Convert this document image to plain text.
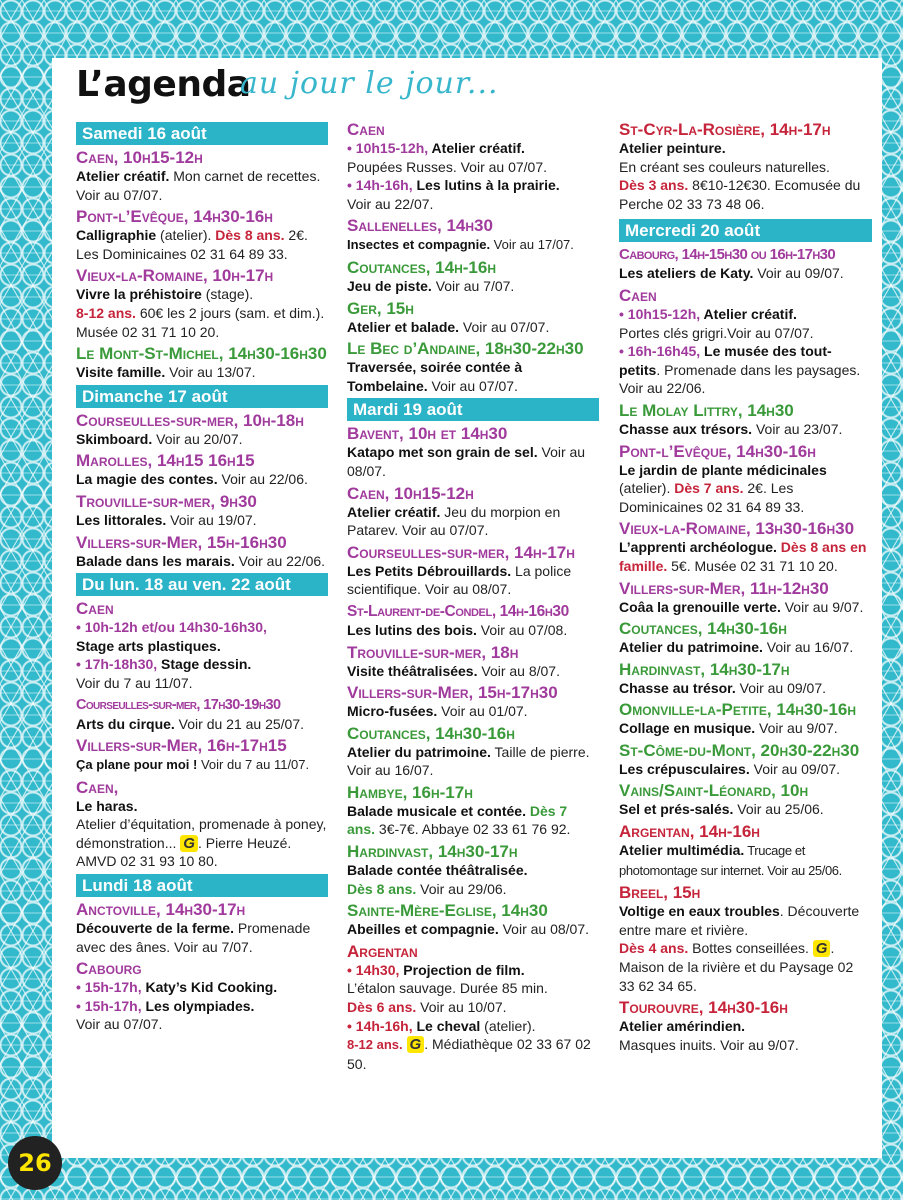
L’agenda
au jour le jour...
Samedi 16 août
Caen, 10h15-12h
Atelier créatif. Mon carnet de recettes. Voir au 07/07.
Pont-l’Evêque, 14h30-16h
Calligraphie (atelier). Dès 8 ans. 2€. Les Dominicaines 02 31 64 89 33.
Vieux-la-Romaine, 10h-17h
Vivre la préhistoire (stage).
8-12 ans. 60€ les 2 jours (sam. et dim.). Musée 02 31 71 10 20.
Le Mont-St-Michel, 14h30-16h30
Visite famille. Voir au 13/07.
Dimanche 17 août
Courseulles-sur-mer, 10h-18h
Skimboard. Voir au 20/07.
Marolles, 14h15 16h15
La magie des contes. Voir au 22/06.
Trouville-sur-mer, 9h30
Les littorales. Voir au 19/07.
Villers-sur-Mer, 15h-16h30
Balade dans les marais. Voir au 22/06.
Du lun. 18 au ven. 22 août
Caen
• 10h-12h et/ou 14h30-16h30,
Stage arts plastiques.
• 17h-18h30, Stage dessin.
Voir du 7 au 11/07.
Courseulles-sur-mer, 17h30-19h30
Arts du cirque. Voir du 21 au 25/07.
Villers-sur-Mer, 16h-17h15
Ça plane pour moi ! Voir du 7 au 11/07.
Caen,
Le haras.
Atelier d’équitation, promenade à poney, démonstration... G . Pierre Heuzé. AMVD 02 31 93 10 80.
Lundi 18 août
Anctoville, 14h30-17h
Découverte de la ferme. Promenade avec des ânes. Voir au 7/07.
Cabourg
• 15h-17h, Katy’s Kid Cooking.
• 15h-17h, Les olympiades.
Voir au 07/07.
Caen
• 10h15-12h, Atelier créatif.
Poupées Russes. Voir au 07/07.
• 14h-16h, Les lutins à la prairie.
Voir au 22/07.
Sallenelles, 14h30
Insectes et compagnie. Voir au 17/07.
Coutances, 14h-16h
Jeu de piste. Voir au 7/07.
Ger, 15h
Atelier et balade. Voir au 07/07.
Le Bec d’Andaine, 18h30-22h30
Traversée, soirée contée à Tombelaine. Voir au 07/07.
Mardi 19 août
Bavent, 10h et 14h30
Katapo met son grain de sel. Voir au 08/07.
Caen, 10h15-12h
Atelier créatif. Jeu du morpion en Patarev. Voir au 07/07.
Courseulles-sur-mer, 14h-17h
Les Petits Débrouillards. La police scientifique. Voir au 08/07.
St-Laurent-de-Condel, 14h-16h30
Les lutins des bois. Voir au 07/08.
Trouville-sur-mer, 18h
Visite théâtralisées. Voir au 8/07.
Villers-sur-Mer, 15h-17h30
Micro-fusées. Voir au 01/07.
Coutances, 14h30-16h
Atelier du patrimoine. Taille de pierre. Voir au 16/07.
Hambye, 16h-17h
Balade musicale et contée. Dès 7 ans. 3€-7€. Abbaye 02 33 61 76 92.
Hardinvast, 14h30-17h
Balade contée théâtralisée.
Dès 8 ans. Voir au 29/06.
Sainte-Mère-Eglise, 14h30
Abeilles et compagnie. Voir au 08/07.
Argentan
• 14h30, Projection de film.
L’étalon sauvage. Durée 85 min.
Dès 6 ans. Voir au 10/07.
• 14h-16h, Le cheval (atelier).
8-12 ans. G . Médiathèque 02 33 67 02 50.
St-Cyr-La-Rosière, 14h-17h
Atelier peinture.
En créant ses couleurs naturelles.
Dès 3 ans. 8€10-12€30. Ecomusée du Perche 02 33 73 48 06.
Mercredi 20 août
Cabourg, 14h-15h30 ou 16h-17h30
Les ateliers de Katy. Voir au 09/07.
Caen
• 10h15-12h, Atelier créatif.
Portes clés grigri.Voir au 07/07.
• 16h-16h45, Le musée des tout-petits. Promenade dans les paysages. Voir au 22/06.
Le Molay Littry, 14h30
Chasse aux trésors. Voir au 23/07.
Pont-l’Evêque, 14h30-16h
Le jardin de plante médicinales (atelier). Dès 7 ans. 2€. Les Dominicaines 02 31 64 89 33.
Vieux-la-Romaine, 13h30-16h30
L’apprenti archéologue. Dès 8 ans en famille. 5€. Musée 02 31 71 10 20.
Villers-sur-Mer, 11h-12h30
Coâa la grenouille verte. Voir au 9/07.
Coutances, 14h30-16h
Atelier du patrimoine. Voir au 16/07.
Hardinvast, 14h30-17h
Chasse au trésor. Voir au 09/07.
Omonville-la-Petite, 14h30-16h
Collage en musique. Voir au 9/07.
St-Côme-du-Mont, 20h30-22h30
Les crépusculaires. Voir au 09/07.
Vains/Saint-Léonard, 10h
Sel et prés-salés. Voir au 25/06.
Argentan, 14h-16h
Atelier multimédia. Trucage et photomontage sur internet. Voir au 25/06.
Breel, 15h
Voltige en eaux troubles. Découverte entre mare et rivière.
Dès 4 ans. Bottes conseillées. G . Maison de la rivière et du Paysage 02 33 62 34 65.
Tourouvre, 14h30-16h
Atelier amérindien.
Masques inuits. Voir au 9/07.
26
